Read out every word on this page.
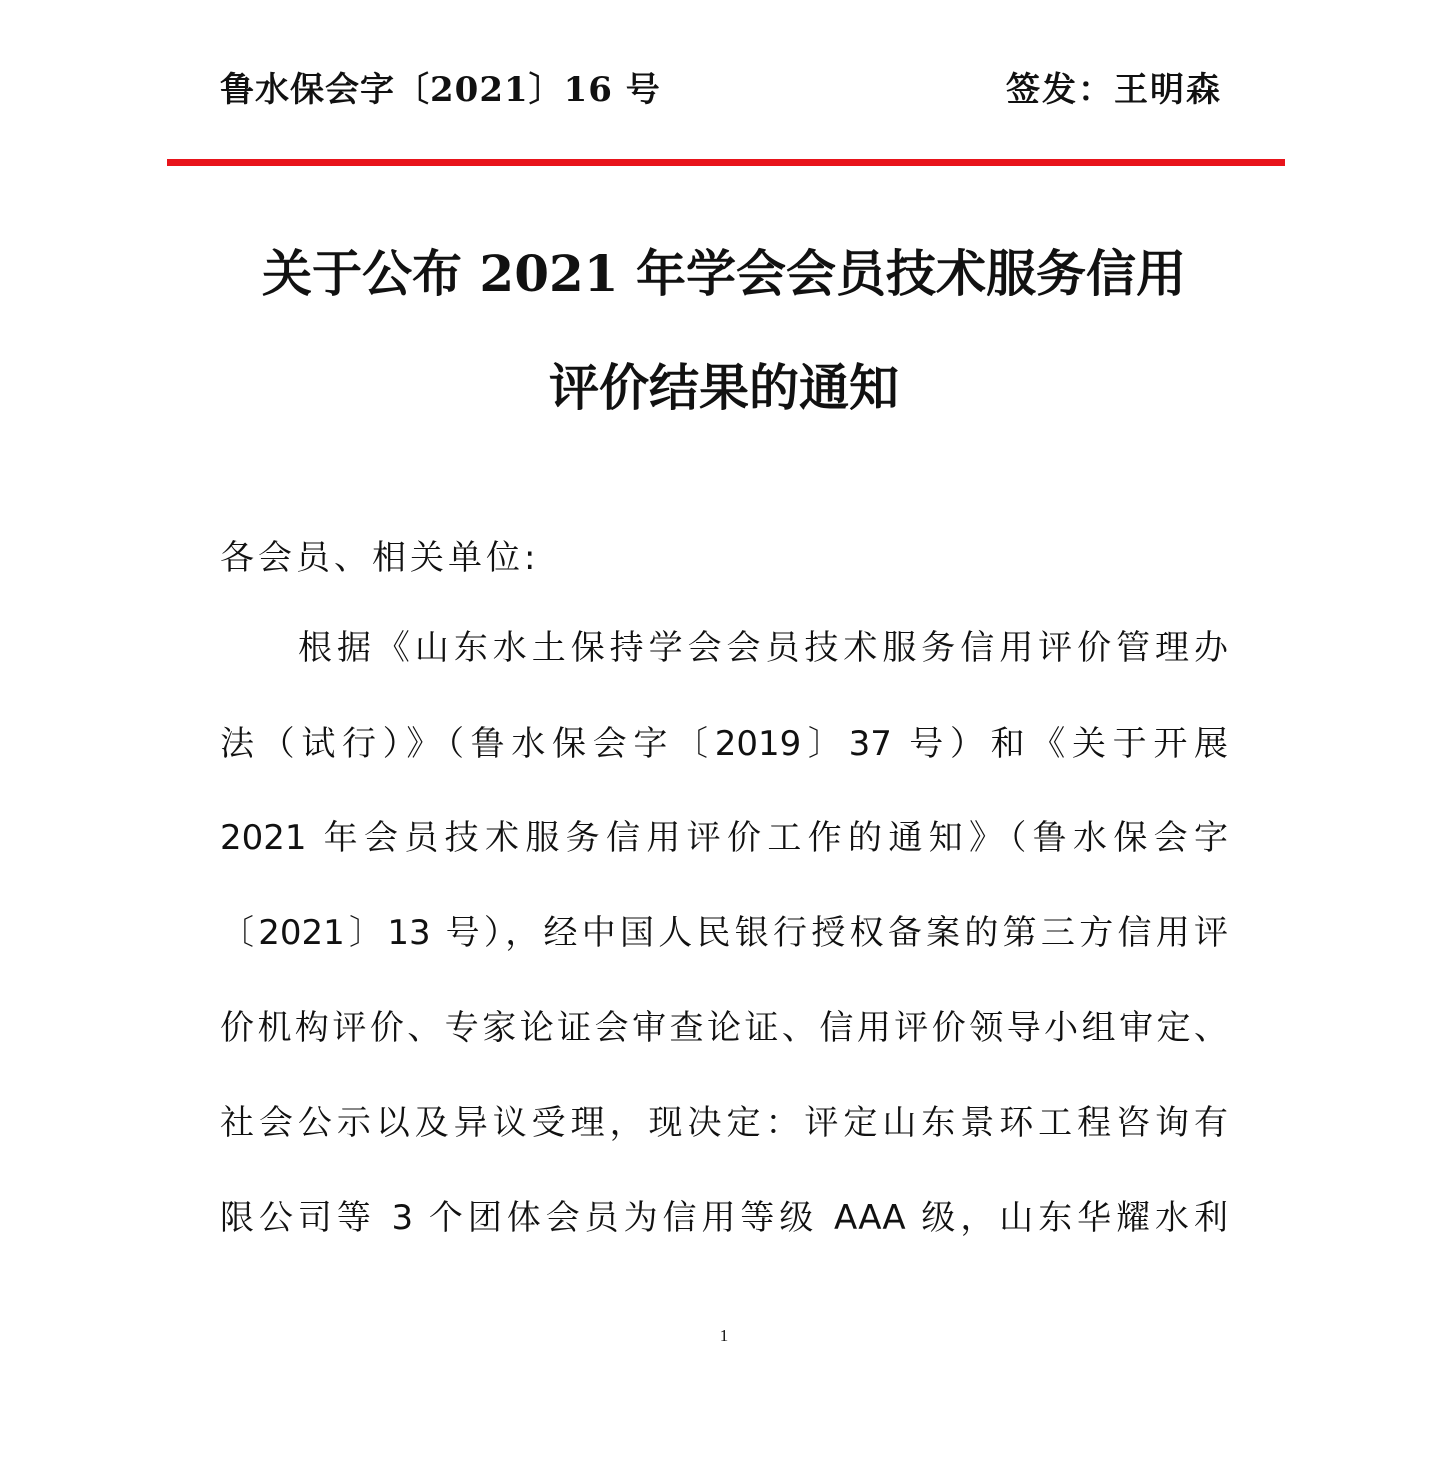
鲁水保会字〔2021〕16 号	签发：王明森
关于公布 2021 年学会会员技术服务信用
评价结果的通知
各会员、相关单位:
根据《山东水土保持学会会员技术服务信用评价管理办
法（试行）》（鲁水保会字〔2019〕37 号）和《关于开展
2021 年会员技术服务信用评价工作的通知》（鲁水保会字
〔2021〕13 号），经中国人民银行授权备案的第三方信用评
价机构评价、专家论证会审查论证、信用评价领导小组审定、
社会公示以及异议受理，现决定：评定山东景环工程咨询有
限公司等 3 个团体会员为信用等级 AAA 级，山东华耀水利
1
